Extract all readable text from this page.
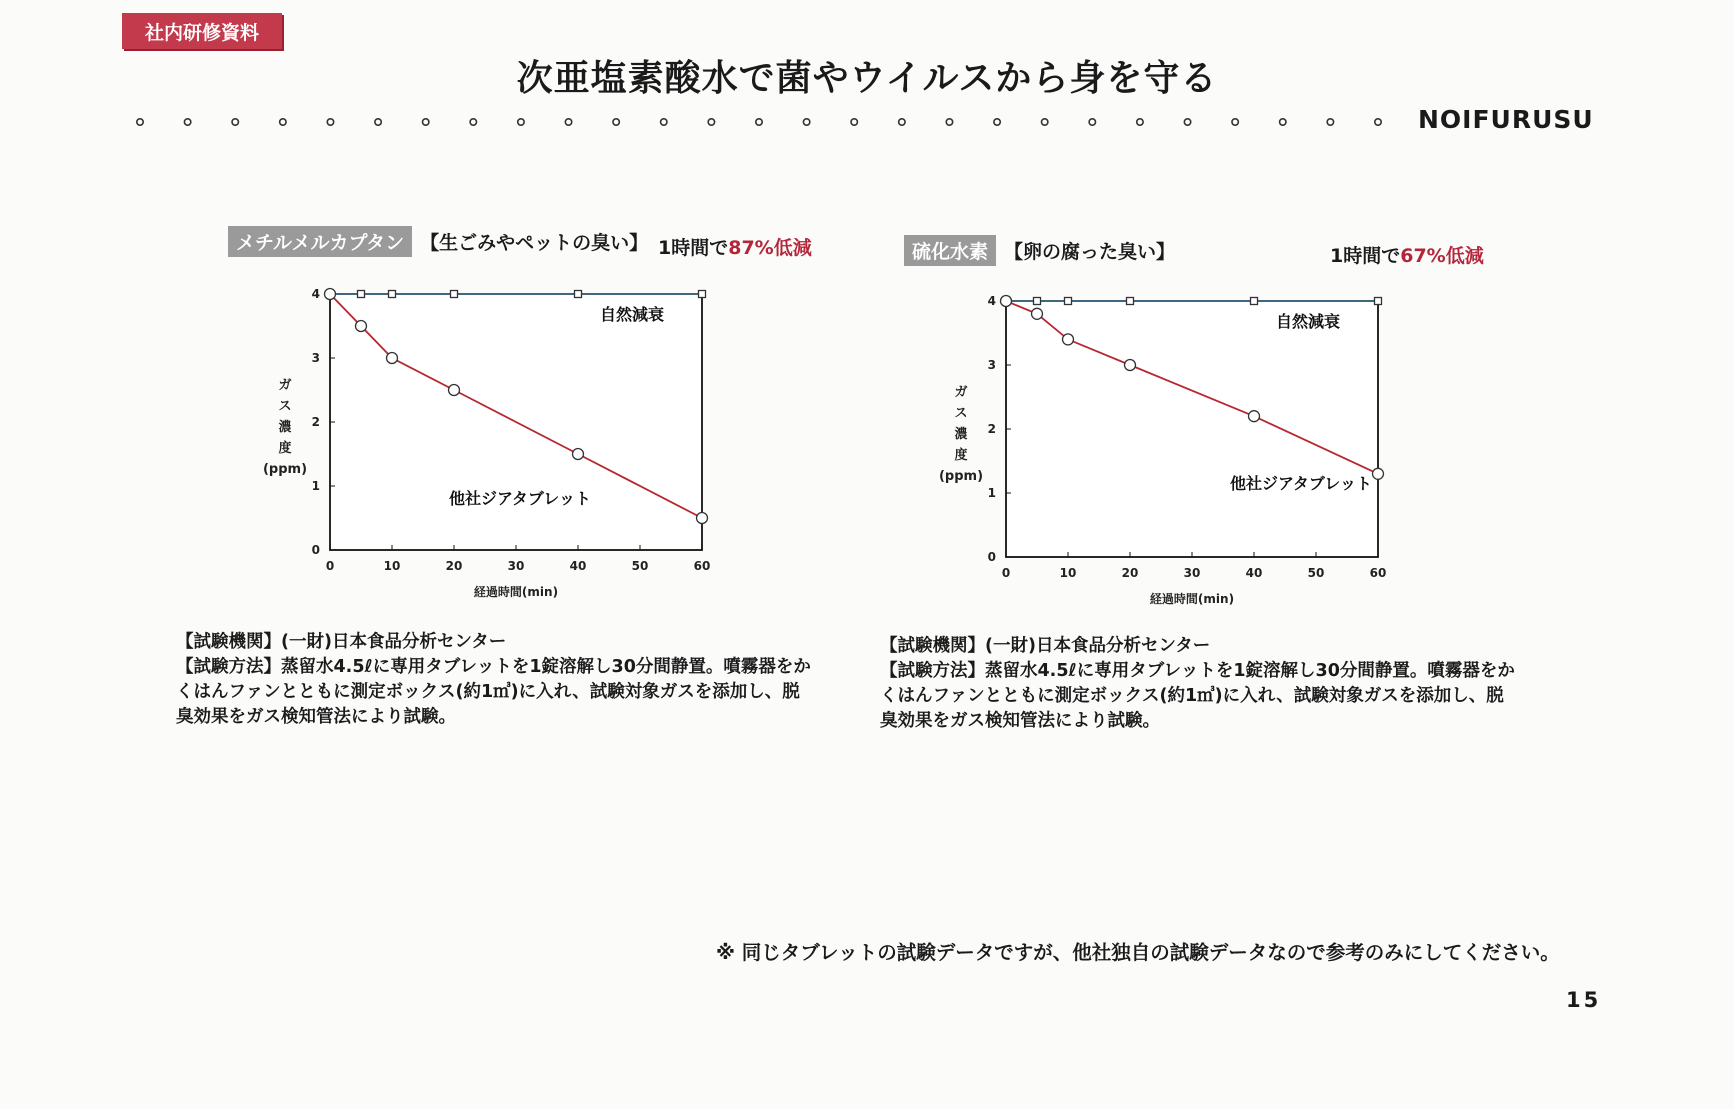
社内研修資料
次亜塩素酸水で菌やウイルスから身を守る
NOIFURUSU
メチルメルカプタン 【生ごみやペットの臭い】 1時間で87%低減
0	10	20	30	40	50	60
0
1
2
3
4
経過時間(min)
ガ
ス
濃
度
(ppm)
自然減衰
他社ジアタブレット
硫化水素 【卵の腐った臭い】	1時間で67%低減
0	10	20	30	40	50	60
0
1
2
3
4
経過時間(min)
ガ
ス
濃
度
(ppm)
自然減衰
他社ジアタブレット

【試験機関】(一財)日本食品分析センター

【試験方法】蒸留水4.5ℓに専用タブレットを1錠溶解し30分間静置。噴霧器をかくはんファンとともに測定ボックス(約1㎥)に入れ、試験対象ガスを添加し、脱臭効果をガス検知管法により試験。

【試験機関】(一財)日本食品分析センター

【試験方法】蒸留水4.5ℓに専用タブレットを1錠溶解し30分間静置。噴霧器をかくはんファンとともに測定ボックス(約1㎥)に入れ、試験対象ガスを添加し、脱臭効果をガス検知管法により試験。

※ 同じタブレットの試験データですが、他社独自の試験データなので参考のみにしてください。
15
